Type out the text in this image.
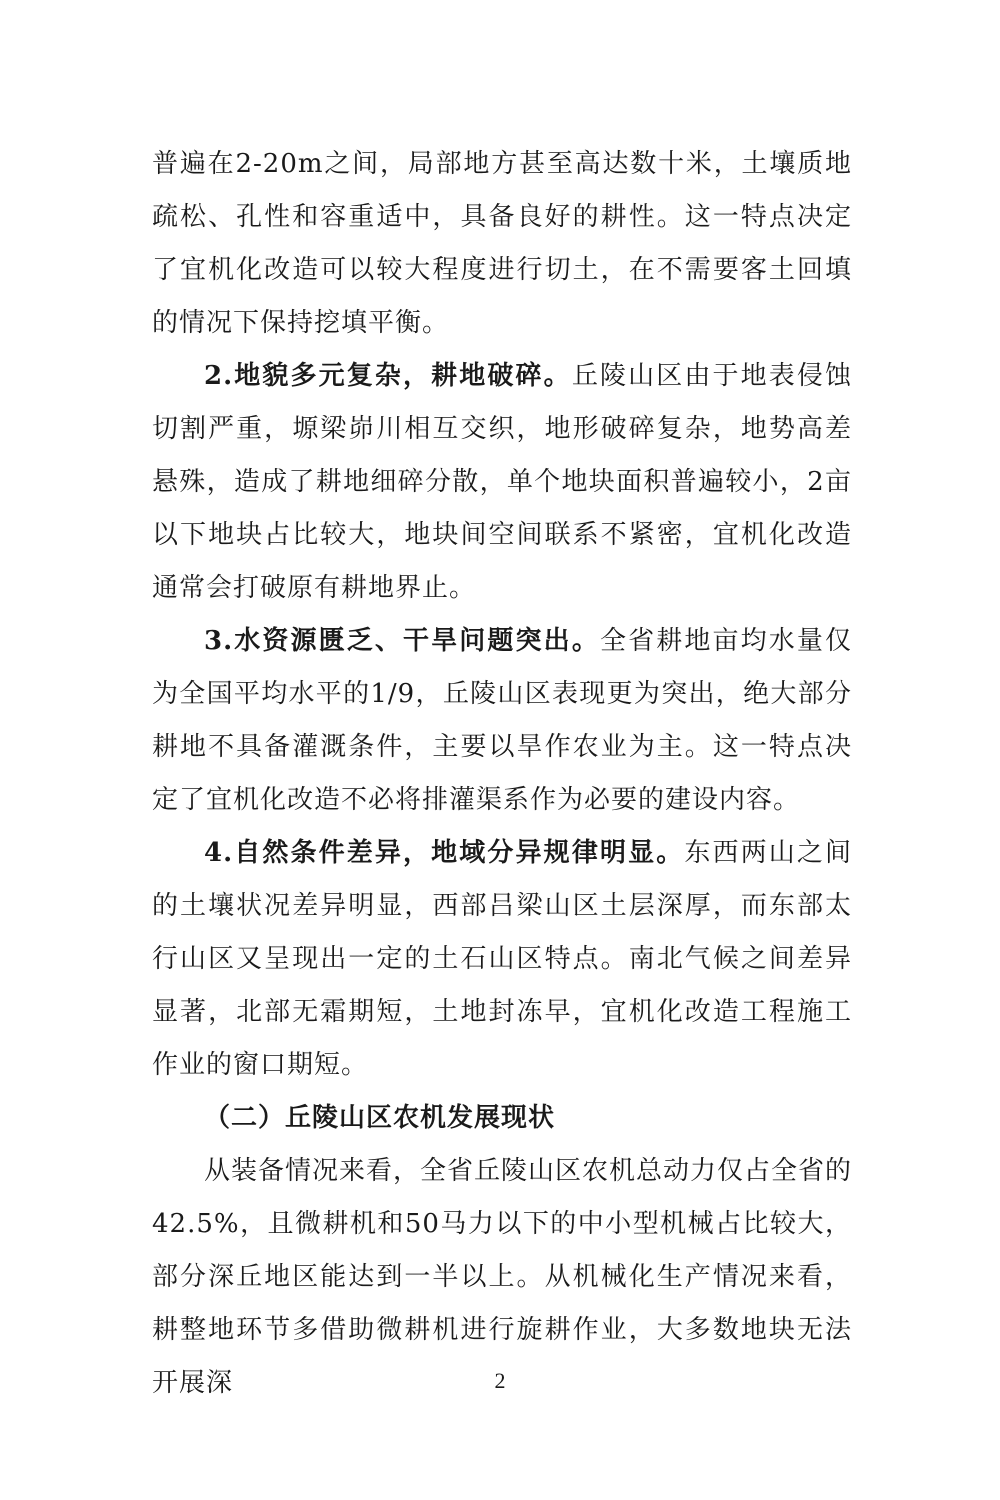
普遍在2-20m之间，局部地方甚至高达数十米，土壤质地疏松、孔性和容重适中，具备良好的耕性。这一特点决定了宜机化改造可以较大程度进行切土，在不需要客土回填的情况下保持挖填平衡。

2.地貌多元复杂，耕地破碎。丘陵山区由于地表侵蚀切割严重，塬梁峁川相互交织，地形破碎复杂，地势高差悬殊，造成了耕地细碎分散，单个地块面积普遍较小，2亩以下地块占比较大，地块间空间联系不紧密，宜机化改造通常会打破原有耕地界止。

3.水资源匮乏、干旱问题突出。全省耕地亩均水量仅为全国平均水平的1/9，丘陵山区表现更为突出，绝大部分耕地不具备灌溉条件，主要以旱作农业为主。这一特点决定了宜机化改造不必将排灌渠系作为必要的建设内容。

4.自然条件差异，地域分异规律明显。东西两山之间的土壤状况差异明显，西部吕梁山区土层深厚，而东部太行山区又呈现出一定的土石山区特点。南北气候之间差异显著，北部无霜期短，土地封冻早，宜机化改造工程施工作业的窗口期短。

（二）丘陵山区农机发展现状

从装备情况来看，全省丘陵山区农机总动力仅占全省的42.5%，且微耕机和50马力以下的中小型机械占比较大，部分深丘地区能达到一半以上。从机械化生产情况来看，耕整地环节多借助微耕机进行旋耕作业，大多数地块无法开展深	2
